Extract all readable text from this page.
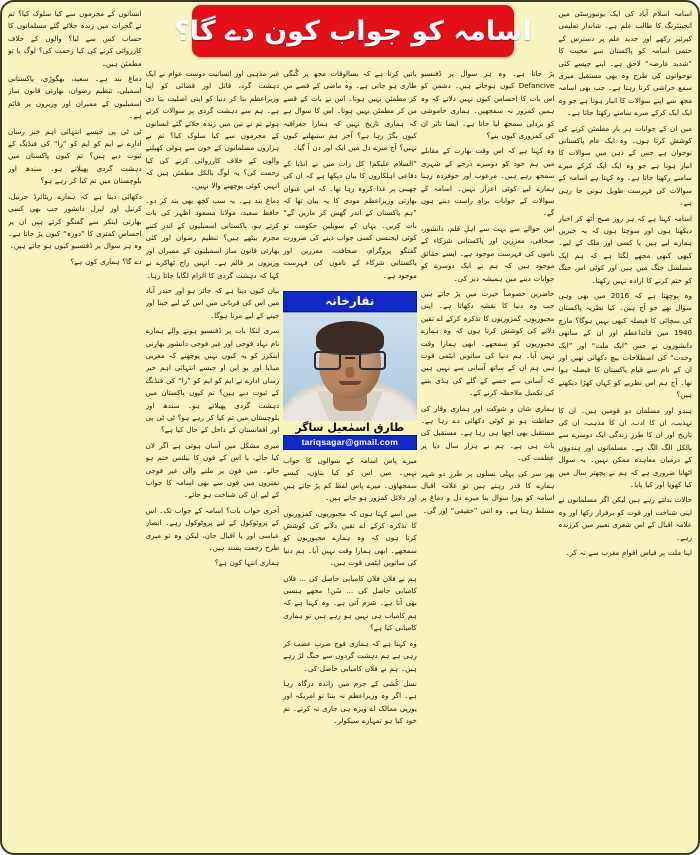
اسامہ کو جواب کون دے گا؟

اسامہ اسلام آباد کی ایک یونیورسٹی میں انجینئرنگ کا طالب علم ہے۔ شاندار تعلیمی کیرئیر رکھے اور جدید علم پر دسترس کے حتمی اسامہ کو پاکستان سے محبت کا ”شدید عارضہ“ لاحق ہے۔ اپنے جیسے کئی نوجوانوں کی طرح وہ بھی مستقبل میری سمع خراشی کرتا رہتا ہے۔ جب بھی اسامہ مجھ سے اپنے سوالات کا انبار ہوتا ہے جو وہ ایک ایک کرکے میرے سامنے رکھتا جاتا ہے۔

میں ان کے جوابات ہر بار مطمئن کرنے کی کوشش کرتا ہوں۔ وہ ایک عام پاکستانی نوجوان ہے جس کے ذہن میں سوالات کا انبار ہوتا ہے جو وہ ایک ایک کرکے میرے سامنے رکھتا جاتا ہے۔ وہ کہتا ہے اسامہ کے سوالات کی فہرست طویل ہوتی جا رہی ہے۔

اسامہ کہتا ہے کہ ہر روز صبح اُٹھ کر اخبار دیکھتا ہوں اور سوچتا ہوں کہ یہ خبریں ہمارے لیے ہیں یا کسی اور ملک کے لیے۔ کبھی کبھی مجھے لگتا ہے کہ ہم ایک مسلسل جنگ میں ہیں اور کوئی اس جنگ کو ختم کرنے کا ارادہ نہیں رکھتا۔

وہ پوچھتا ہے کہ 2016 میں بھی وہی سوال تھے جو آج ہیں۔ کیا نظریہ پاکستان کی سچائی کا فیصلہ کبھی نہیں ہوگا؟ مارچ 1940 میں قائداعظم اور ان کے ساتھی دانشوروں نے جس ”ایک ملت“ اور ”ایک وحدت“ کی اصطلاحات بیچ دکھائی تھیں اور ان کے نام سے قیام پاکستان کا فیصلہ ہوا تھا۔ آج ہم اس نظریے کو کہاں کھڑا دیکھتے ہیں؟

ہندو اور مسلمان دو قومیں ہیں۔ ان کا تہذیب، ان کا ادب، ان کا مذہب، ان کی تاریخ اور ان کا طرزِ زندگی ایک دوسرے سے بالکل الگ الگ ہے۔ مسلمانوں اور ہندوؤں کے درمیان معاہدہ ممکن نہیں۔ یہ سوال اٹھانا ضروری ہے کہ ہم نے پچھتر سال میں کیا کھویا اور کیا پایا۔

حالات بدلتے رہے ہیں لیکن اگر مسلمانوں نے اپنی شناخت اور قوت کو برقرار رکھا اور وہ علامہ اقبال کے اس شعری تعبیر میں کرزندہ رہے۔

اپنا ملت پر قیاس اقوامِ مغرب سے نہ کر۔

پڑ جاتا ہے۔ وہ ہر سوال پر ڈفنسیو Defancive کیوں ہوجاتے ہیں۔ دشمن کو اس بات کا احساس کیوں نہیں دلاتے کہ وہ ہمیں کمزور نہ سمجھیں۔ ہماری خاموشی کو بزدلی سمجھ لیا جاتا ہے۔ ایسا تاثر ان کی کمزوری کیوں بنے؟

وہ کہتا ہے کہ اس وقت بھارت کے مقابلے میں ہم خود کو دوسرے درجے کے شہری سمجھ رہے ہیں۔ مرعوب اور خوفزدہ رہنا ہمارے لیے کوئی اعزاز نہیں۔ اسامہ کے سوالات کے جوابات براہِ راست دینے ہوں گے۔

اس حوالے سے بہت سے اہلِ قلم، دانشور، صحافی، معززین اور پاکستانی شرکاء کے ناموں کی فہرست موجود ہے۔ ایسے حقائق موجود ہیں کہ ہم نے ایک دوسرے کو جوابات دینے میں ہمیشہ دیر کی۔

حاضرین خصوصاً حیرت میں پڑ جاتے ہیں جب وہ دنیا کا نقشہ دکھاتا ہے۔ اپنی مجبوریوں، کمزوریوں کا تذکرہ کرکے اے تقین دلانے کی کوشش کرتا ہوں کہ وہ ہمارے مجبوریوں کو سمجھے۔ ابھی ہمارا وقت نہیں آیا۔ ہم دنیا کی ساتویں ایٹمی قوت ہیں ہم ان کے ساتھ آسانی سے نہیں ہیں کہ آسانی سے جسے کے گلے کی ہڈی بننے کی تکمیل ملاحظہ کرنے کے۔

ہماری شان و شوکت اور ہماری وقار کی حفاظت ہو تو کوئی دکھائی دے رہا ہے۔ مستقبل بھی اچھا ہی رہا ہے۔ مستقبل کی بات ہی ہے۔ ہم نے ہزار سال دیا پر عظمت کی۔

پھر سر کی پہلی نسلوں پر طرزِ دو شہر ہمارے کا قدر رہتے ہیں تو علامہ اقبال اسامہ کو پورا سوال بنا میرے دل و دماغ پر مسلط رہتا ہے۔ وہ اتنی ”حقیقی“ اور گی۔

باتیں کرتا ہے کہ بسااوقات مجھ پر گُنگی طاری ہو جاتی ہے۔ وہ ماضی کے قصے من کر مطمئن نہیں ہوتا۔ اس نے بات کے قصے من کر مطمئن نہیں ہوتا۔ اس کا سوال ہے کہ ہماری تاریخ نہیں کہ ہمارا جغرافیہ کیوں بگڑ رہا ہے؟ آخر ہم سنبھلتے کیوں نہیں؟ آج میرے دل میں ایک اور دن آ گیا۔

”السلام علیکم! کل رات میں نے انڈیا کے دفاعی اہلکاروں کا بیان دیکھا ہے کہ ان کی چھینی پر غذا کروہ رہا تھا۔ کہ اس عنوان بھارتی وزیراعظم مودی کا یہ بیان تھا کہ ”ہم پاکستان کے اندر گھس کر ماریں گے“ بات کریں۔ یہاں کے سویلین حکومت تو کوئی ایجنسی کسی جواب دینے کی ضرورت گفتگو پروگرام، صحافت، معززین اور پاکستانی شرکاء کے ناموں کی فہرست موجود ہے۔

نقارخانہ
طارق اسمٰعیل ساگر
tariqsagar@gmail.com

میرے پاس اسامہ کے سوالوں کا جواب نہیں۔ میں اس کو کیا بتاؤں، کیسے سمجھاؤں۔ میرے پاس لفظ کم پڑ جاتے ہیں اور دلائل کمزور ہو جاتے ہیں۔

میں اسے کہتا ہوں کہ مجبوریوں، کمزوریوں کا تذکرہ کرکے اے تقین دلانے کی کوشش کرتا ہوں کہ وہ ہمارے مجبوریوں کو سمجھے۔ ابھی ہمارا وقت نہیں آیا۔ ہم دنیا کی ساتویں ایٹمی قوت ہیں۔

ہم نے فلاں فلاں کامیابی حاصل کی ... فلاں کامیابی حاصل کی ... سُن! مجھے ہنسی بھی آتا ہے۔ شرم آتی ہے۔ وہ کہتا ہے کہ ہم کامیاب ہی نہیں ہو رہے ہیں تو ہماری کامیابی کیا ہے؟

وہ کہتا ہے کہ ہماری فوج ضربِ عضب کر رہی ہے ہم دہشت گردوں سے جنگ لڑ رہے ہیں۔ ہم نے فلاں کامیابی حاصل کی۔

نسل کُشی کے جرم میں راندہ درگاہ رہا ہے۔ اگر وہ وزیراعظم نہ بنتا تو امریکہ اور یورپی ممالک اے ویزہ ہی جاری نہ کرتے۔ تم خود کیا ہو تمہارے سیکولر۔

غیر مذہبی اور انسانیت دوست عوام نے ایک دہشت گرد، قاتل اور قصائی کو اپنا وزیراعظم بنا کر دنیا کو اپنی اصلیت بتا دی ہے۔ ہم سے دہشت گردی پر سوالات کرتے ہوئے تم نے تین میں زندہ جلائے گئے انسانوں کے مجرموں سے کیا سلوک کیا؟ تم نے ہزاروں مسلمانوں کے خون سے ہولی کھیلنے والوں کے خلاف کارروائی کرنے کی کیا زحمت کی؟ یہ لوگ بالکل مطمئن ہیں کہ انہیں کوئی پوچھنے والا نہیں۔

دماغ بند ہے۔ یہ سب کچھ بھی بند کر دو۔ حافظ سعید، مولانا مسعود اظہر کی بات کرتے ہو، پاکستانی اسمبلیوں کے اندر کتنے مجرم بیٹھے ہیں؟ تنظیم رضوان اور کئی بھارتی قانون ساز اسمبلیوں کے ممبران اور وزیروں پر قائم ہے۔ انہیں راج ٹھاکرے نے کہا کہ دہشت گردی کا الزام لگایا جاتا رہا۔

بیان کیوں دیتا ہے کہ جائز ہو اور حیدر آباد میں اس کی قربانی میں اس کے لیے جینا اور جینے کے لیے مرنا ہوگا۔

سری لنکا بات پر ڈفنسیو ہونے والے ہمارے نام نہاد فوجی اور غیر فوجی دانشور بھارتی اینکرز کو یہ کیوں نہیں پوچھتے کہ مغربی میڈیا اور یو این او جیسے انتہائی اہم خبر رساں ادارے نے ایم کو ایم کو ”را“ کی فنڈنگ کے ثبوت دیے ہیں؟ تم کیوں پاکستان میں دہشت گردی پھیلاتے ہو۔ سندھ اور بلوچستان میں تم کیا کر رہے ہو؟ ٹی ٹی پی اور افغانستان کے داخل کے حال کیا ہے؟

میری مشکل میں آسان ہوتی ہے اگر لان کیا جائے، یا اس کے فون کا بیلنس ختم ہو جائے۔ میں فون پر ملنے والی غیر فوجی نمبروں میں فون سے بھی اسامہ کا جواب کے لیے ان کی شناخت ہو جائے۔

آخری جواب بات؟ اسامہ کے جواب تک۔ اس کے پروٹوکول کے لیے پروٹوکول رہے۔ انصار عباسی اور یا اقبال جان، لیکن وہ تو میری طرح رجعت پسند ہیں۔

ہماری انتہا کون ہے؟

انسانوں کے مجرموں سے کیا سلوک کیا؟ تم نے گجرات میں زندہ جلائے گئے مسلمانوں کا حساب کس سے لیا؟ والوں کے خلاف کارروائی کرنے کی کیا زحمت کی؟ لوگ یا تو مطمئن ہیں۔

دماغ بند ہے۔ سعید، بھگوڑی، پاکستانی اسمبلی، تنظیم رضوان، بھارتی قانون ساز اسمبلیوں کے ممبران اور وزیروں پر قائم ہے۔

ٹی ٹی پی جیسے انتہائی اہم خبر رساں ادارے نے ایم کو ایم کو ”را“ کی فنڈنگ کے ثبوت دیے ہیں؟ تم کیوں پاکستان میں دہشت گردی پھیلاتے ہو۔ سندھ اور بلوچستان میں تم کیا کر رہے ہو؟

دکھائی دیتا ہے کہ ہمارے ریٹائرڈ جرنیل، کرنیل اور لبرل دانشور جب بھی کسی بھارتی اینکر سے گفتگو کرتے ہیں ان پر احساسِ کمتری کا ”دورہ“ کیوں پڑ جاتا ہے۔ وہ ہر سوال پر ڈفنسیو کیوں ہو جاتے ہیں۔

دے گا؟ ہماری کون ہے؟
